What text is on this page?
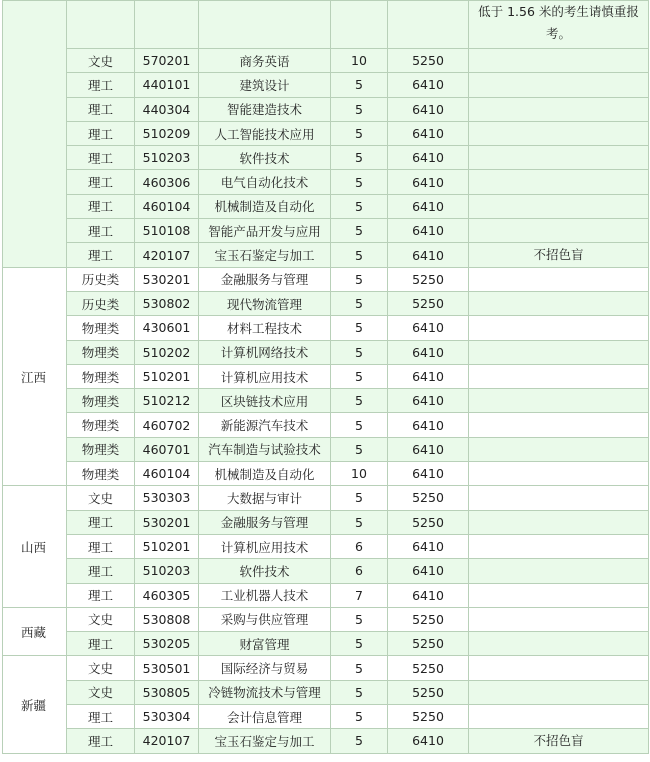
						低于 1.56 米的考生请慎重报考。
	文史	570201	商务英语	10	5250	
	理工	440101	建筑设计	5	6410	
	理工	440304	智能建造技术	5	6410	
	理工	510209	人工智能技术应用	5	6410	
	理工	510203	软件技术	5	6410	
	理工	460306	电气自动化技术	5	6410	
	理工	460104	机械制造及自动化	5	6410	
	理工	510108	智能产品开发与应用	5	6410	
	理工	420107	宝玉石鉴定与加工	5	6410	不招色盲
江西	历史类	530201	金融服务与管理	5	5250	
	历史类	530802	现代物流管理	5	5250	
	物理类	430601	材料工程技术	5	6410	
	物理类	510202	计算机网络技术	5	6410	
	物理类	510201	计算机应用技术	5	6410	
	物理类	510212	区块链技术应用	5	6410	
	物理类	460702	新能源汽车技术	5	6410	
	物理类	460701	汽车制造与试验技术	5	6410	
	物理类	460104	机械制造及自动化	10	6410	
山西	文史	530303	大数据与审计	5	5250	
	理工	530201	金融服务与管理	5	5250	
	理工	510201	计算机应用技术	6	6410	
	理工	510203	软件技术	6	6410	
	理工	460305	工业机器人技术	7	6410	
西藏	文史	530808	采购与供应管理	5	5250	
	理工	530205	财富管理	5	5250	
新疆	文史	530501	国际经济与贸易	5	5250	
	文史	530805	冷链物流技术与管理	5	5250	
	理工	530304	会计信息管理	5	5250	
	理工	420107	宝玉石鉴定与加工	5	6410	不招色盲
